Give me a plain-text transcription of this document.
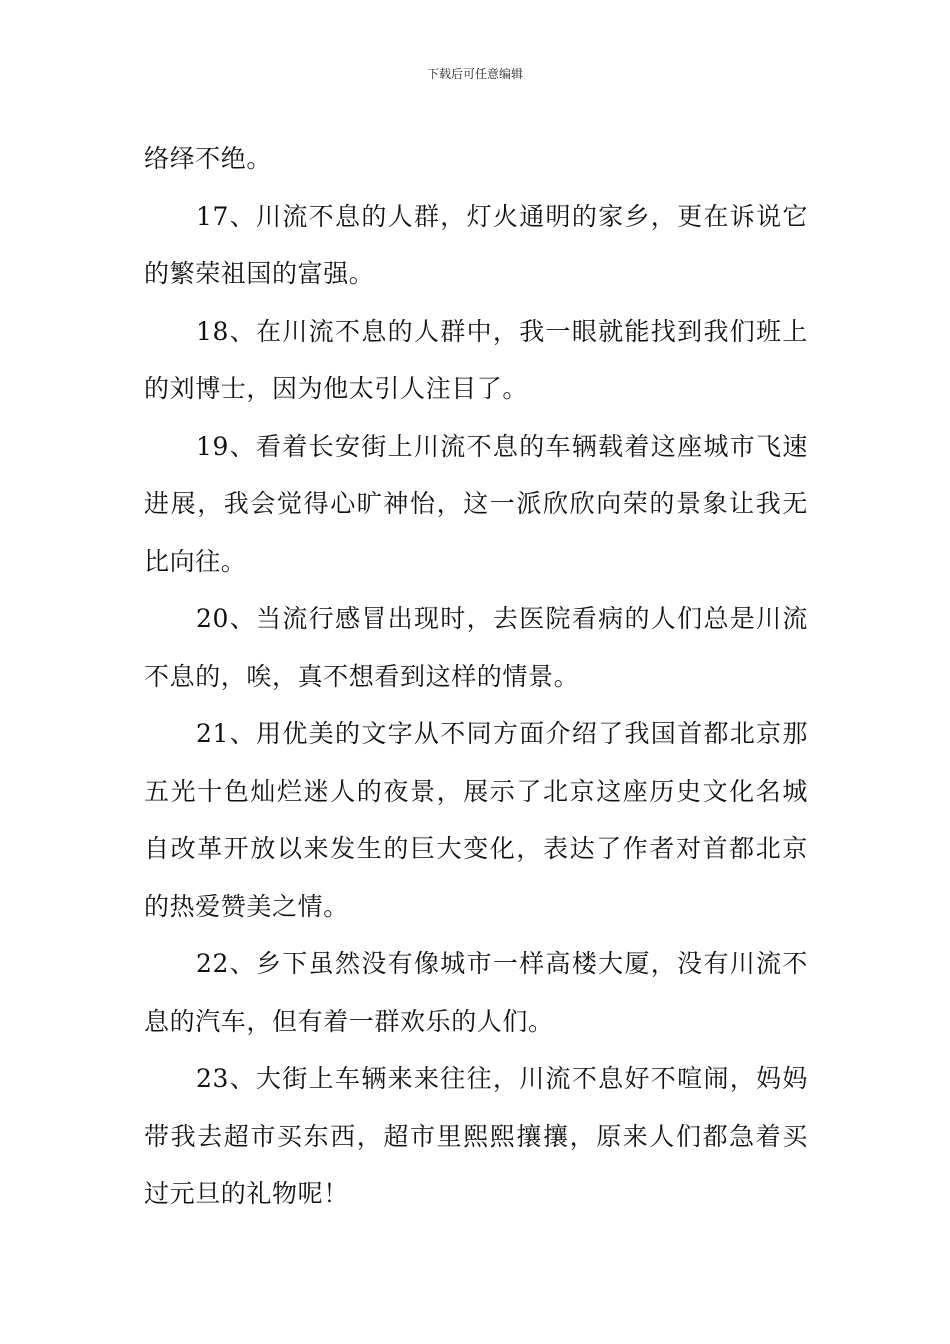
下载后可任意编辑

络绎不绝。

17、川流不息的人群，灯火通明的家乡，更在诉说它的繁荣祖国的富强。

18、在川流不息的人群中，我一眼就能找到我们班上的刘博士，因为他太引人注目了。

19、看着长安街上川流不息的车辆载着这座城市飞速进展，我会觉得心旷神怡，这一派欣欣向荣的景象让我无比向往。

20、当流行感冒出现时，去医院看病的人们总是川流不息的，唉，真不想看到这样的情景。

21、用优美的文字从不同方面介绍了我国首都北京那五光十色灿烂迷人的夜景，展示了北京这座历史文化名城自改革开放以来发生的巨大变化，表达了作者对首都北京的热爱赞美之情。

22、乡下虽然没有像城市一样高楼大厦，没有川流不息的汽车，但有着一群欢乐的人们。

23、大街上车辆来来往往，川流不息好不喧闹，妈妈带我去超市买东西，超市里熙熙攘攘，原来人们都急着买过元旦的礼物呢！
